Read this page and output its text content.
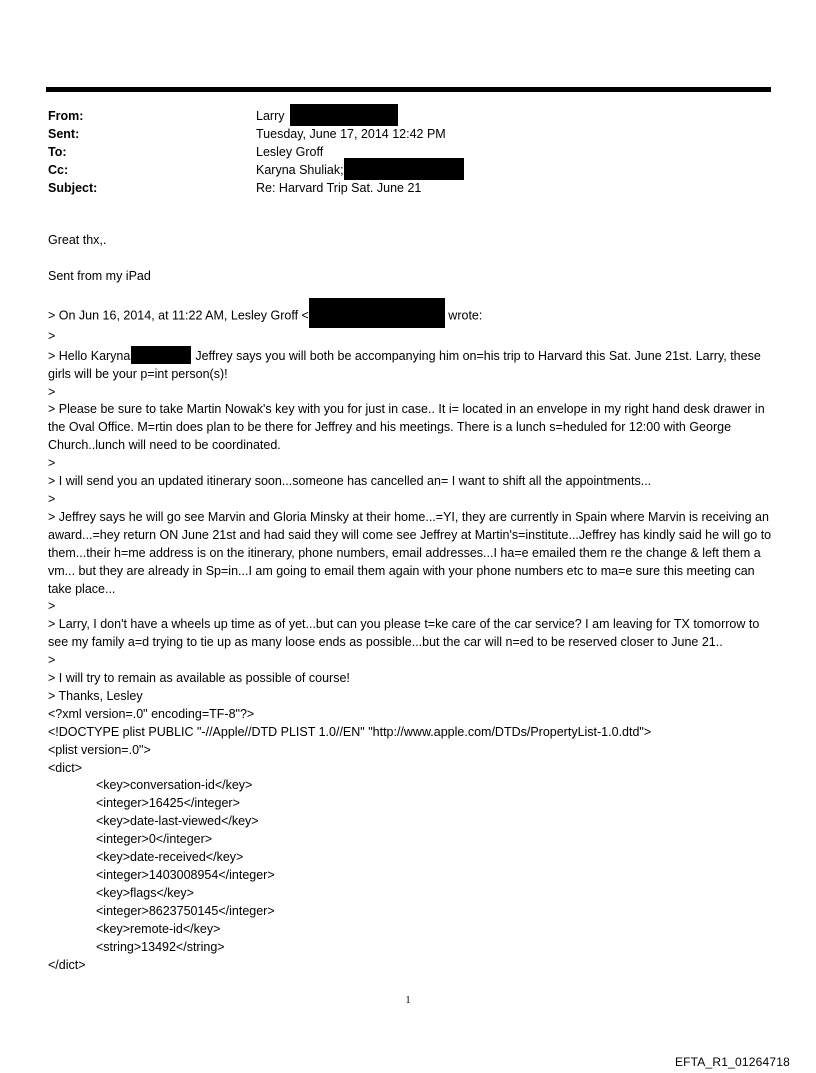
From:	Larry
Sent:	Tuesday, June 17, 2014 12:42 PM
To:	Lesley Groff
Cc:	Karyna Shuliak;
Subject:	Re: Harvard Trip Sat. June 21

Great thx,.

Sent from my iPad

> On Jun 16, 2014, at 11:22 AM, Lesley Groff <	wrote:

>

> Hello Karyna	Jeffrey says you will both be accompanying him on=his trip to Harvard this Sat. June 21st. Larry, these girls will be your p=int person(s)!

>

> Please be sure to take Martin Nowak's key with you for just in case.. It i= located in an envelope in my right hand desk drawer in the Oval Office. M=rtin does plan to be there for Jeffrey and his meetings. There is a lunch s=heduled for 12:00 with George Church..lunch will need to be coordinated.

>

> I will send you an updated itinerary soon...someone has cancelled an= I want to shift all the appointments...

>

> Jeffrey says he will go see Marvin and Gloria Minsky at their home...=YI, they are currently in Spain where Marvin is receiving an award...=hey return ON June 21st and had said they will come see Jeffrey at Martin's=institute...Jeffrey has kindly said he will go to them...their h=me address is on the itinerary, phone numbers, email addresses...I ha=e emailed them re the change & left them a vm... but they are already in Sp=in...I am going to email them again with your phone numbers etc to ma=e sure this meeting can take place...

>

> Larry, I don't have a wheels up time as of yet...but can you please t=ke care of the car service? I am leaving for TX tomorrow to see my family a=d trying to tie up as many loose ends as possible...but the car will n=ed to be reserved closer to June 21..

>

> I will try to remain as available as possible of course!

> Thanks, Lesley

<?xml version=.0" encoding=TF-8"?>

<!DOCTYPE plist PUBLIC "-//Apple//DTD PLIST 1.0//EN" "http://www.apple.com/DTDs/PropertyList-1.0.dtd">

<plist version=.0">

<dict>

<key>conversation-id</key>

<integer>16425</integer>

<key>date-last-viewed</key>

<integer>0</integer>

<key>date-received</key>

<integer>1403008954</integer>

<key>flags</key>

<integer>8623750145</integer>

<key>remote-id</key>

<string>13492</string>

</dict>

1
EFTA_R1_01264718
